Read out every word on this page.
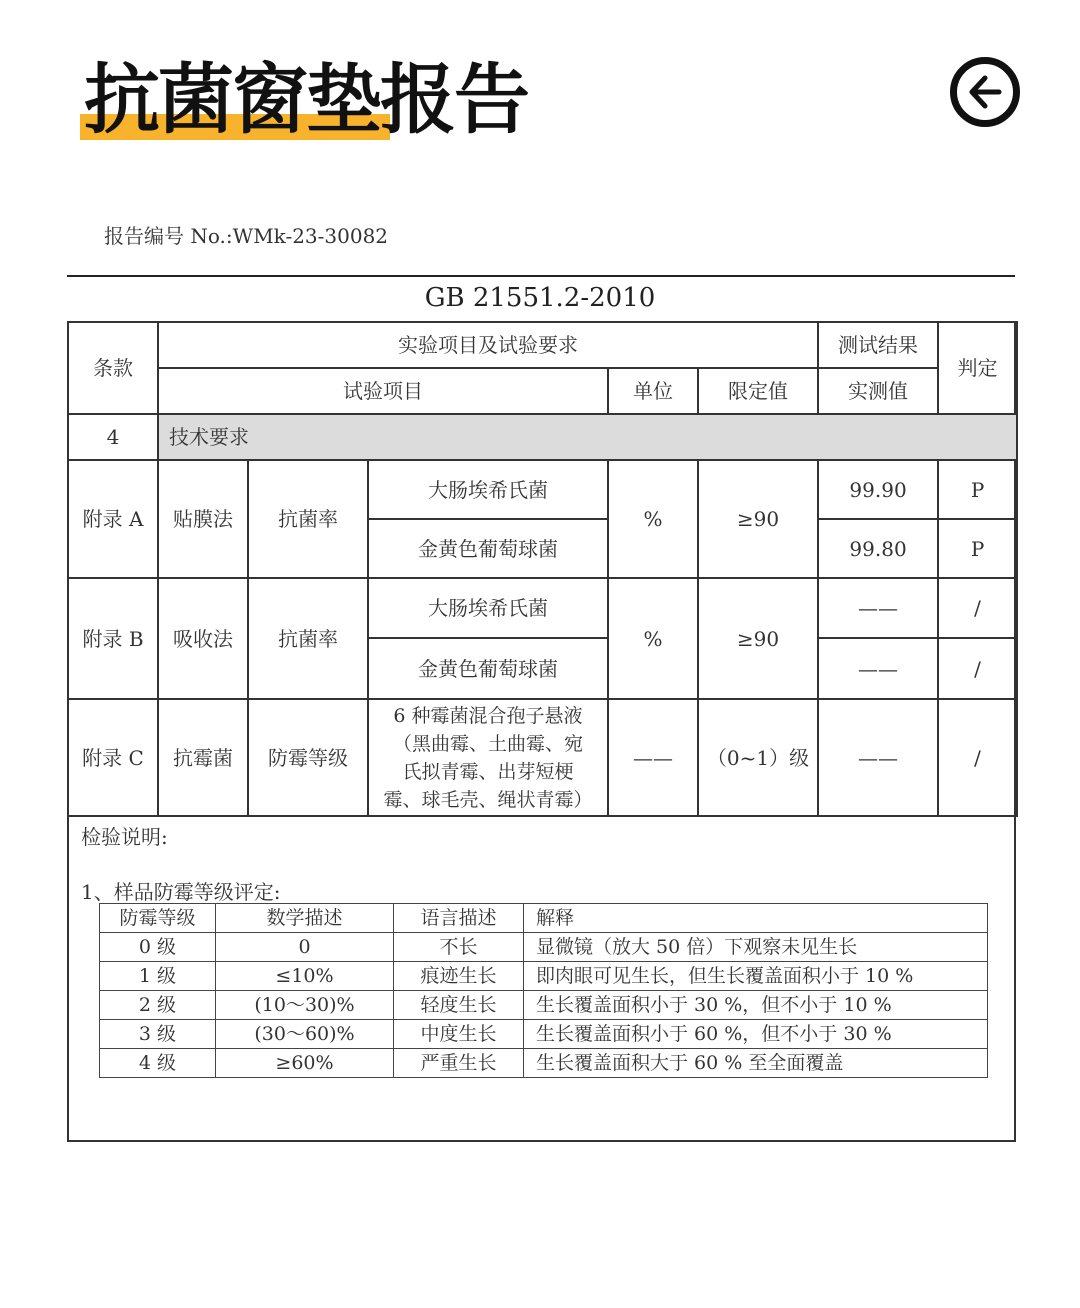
抗菌窗垫报告
报告编号 No.:WMk-23-30082
GB 21551.2-2010
条款	实验项目及试验要求					测试结果	判定
	试验项目			单位	限定值	实测值	
4	技术要求						
附录 A	贴膜法	抗菌率	大肠埃希氏菌	%	≥90	99.90	P
			金黄色葡萄球菌			99.80	P
附录 B	吸收法	抗菌率	大肠埃希氏菌	%	≥90	——	/
			金黄色葡萄球菌			——	/
附录 C	抗霉菌	防霉等级	6 种霉菌混合孢子悬液
（黑曲霉、土曲霉、宛
氏拟青霉、出芽短梗
霉、球毛壳、绳状青霉）	——	（0~1）级	——	/
检验说明:
1、样品防霉等级评定:
防霉等级	数学描述	语言描述	解释
0 级	0	不长	显微镜（放大 50 倍）下观察未见生长
1 级	≤10%	痕迹生长	即肉眼可见生长，但生长覆盖面积小于 10 %
2 级	(10～30)%	轻度生长	生长覆盖面积小于 30 %，但不小于 10 %
3 级	(30～60)%	中度生长	生长覆盖面积小于 60 %，但不小于 30 %
4 级	≥60%	严重生长	生长覆盖面积大于 60 % 至全面覆盖
